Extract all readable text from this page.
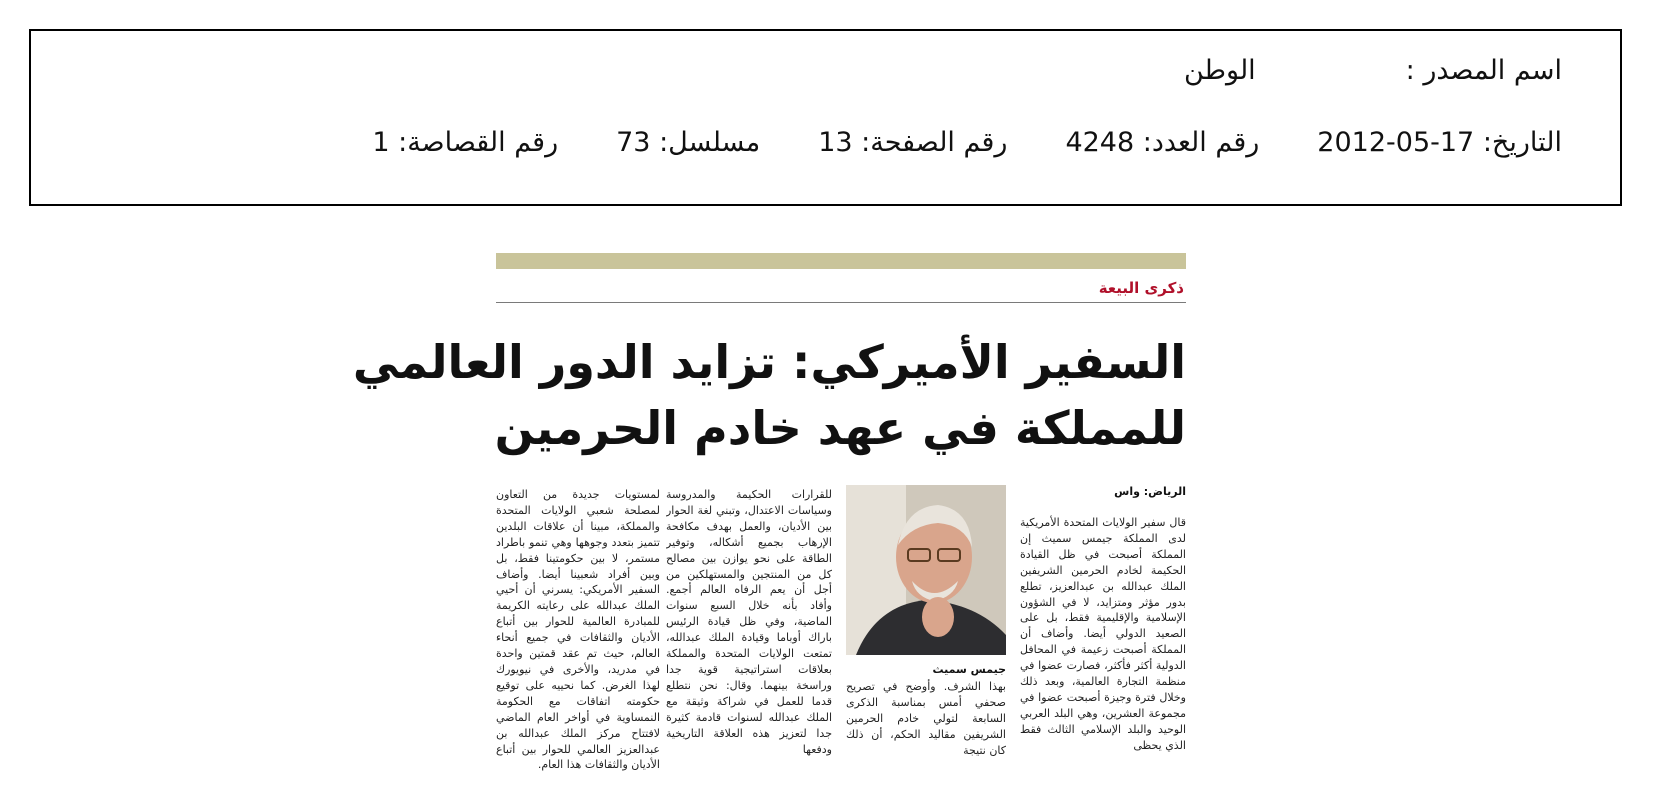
اسم المصدر :
الوطن
التاريخ: 17-05-2012
رقم العدد: 4248
رقم الصفحة: 13
مسلسل: 73
رقم القصاصة: 1
ذكرى البيعة
السفير الأميركي: تزايد الدور العالمي
للمملكة في عهد خادم الحرمين
قال سفير الولايات المتحدة الأمريكية لدى المملكة جيمس سميث إن المملكة أصبحت في ظل القيادة الحكيمة لخادم الحرمين الشريفين الملك عبدالله بن عبدالعزيز، تطلع بدور مؤثر ومتزايد، لا في الشؤون الإسلامية والإقليمية فقط، بل على الصعيد الدولي أيضا. وأضاف أن المملكة أصبحت زعيمة في المحافل الدولية أكثر فأكثر، فصارت عضوا في منظمة التجارة العالمية، وبعد ذلك وخلال فترة وجيزة أصبحت عضوا في مجموعة العشرين، وهي البلد العربي الوحيد والبلد الإسلامي الثالث فقط الذي يحظى
الرياض: واس
جيمس سميث
بهذا الشرف. وأوضح في تصريح صحفي أمس بمناسبة الذكرى السابعة لتولي خادم الحرمين الشريفين مقاليد الحكم، أن ذلك كان نتيجة
للقرارات الحكيمة والمدروسة وسياسات الاعتدال، وتبني لغة الحوار بين الأديان، والعمل بهدف مكافحة الإرهاب بجميع أشكاله، وتوفير الطاقة على نحو يوازن بين مصالح كل من المنتجين والمستهلكين من أجل أن يعم الرفاه العالم أجمع. وأفاد بأنه خلال السبع سنوات الماضية، وفي ظل قيادة الرئيس باراك أوباما وقيادة الملك عبدالله، تمتعت الولايات المتحدة والمملكة بعلاقات استراتيجية قوية جدا وراسخة بينهما. وقال: نحن نتطلع قدما للعمل في شراكة وثيقة مع الملك عبدالله لسنوات قادمة كثيرة جدا لتعزيز هذه العلاقة التاريخية ودفعها
لمستويات جديدة من التعاون لمصلحة شعبي الولايات المتحدة والمملكة، مبينا أن علاقات البلدين تتميز بتعدد وجوهها وهي تنمو باطراد مستمر، لا بين حكومتينا فقط، بل وبين أفراد شعبينا أيضا. وأضاف السفير الأمريكي: يسرني أن أحيي الملك عبدالله على رعايته الكريمة للمبادرة العالمية للحوار بين أتباع الأديان والثقافات في جميع أنحاء العالم، حيث تم عقد قمتين واحدة في مدريد، والأخرى في نيويورك لهذا الغرض. كما نحييه على توقيع حكومته اتفاقات مع الحكومة النمساوية في أواخر العام الماضي لافتتاح مركز الملك عبدالله بن عبدالعزيز العالمي للحوار بين أتباع الأديان والثقافات هذا العام.
